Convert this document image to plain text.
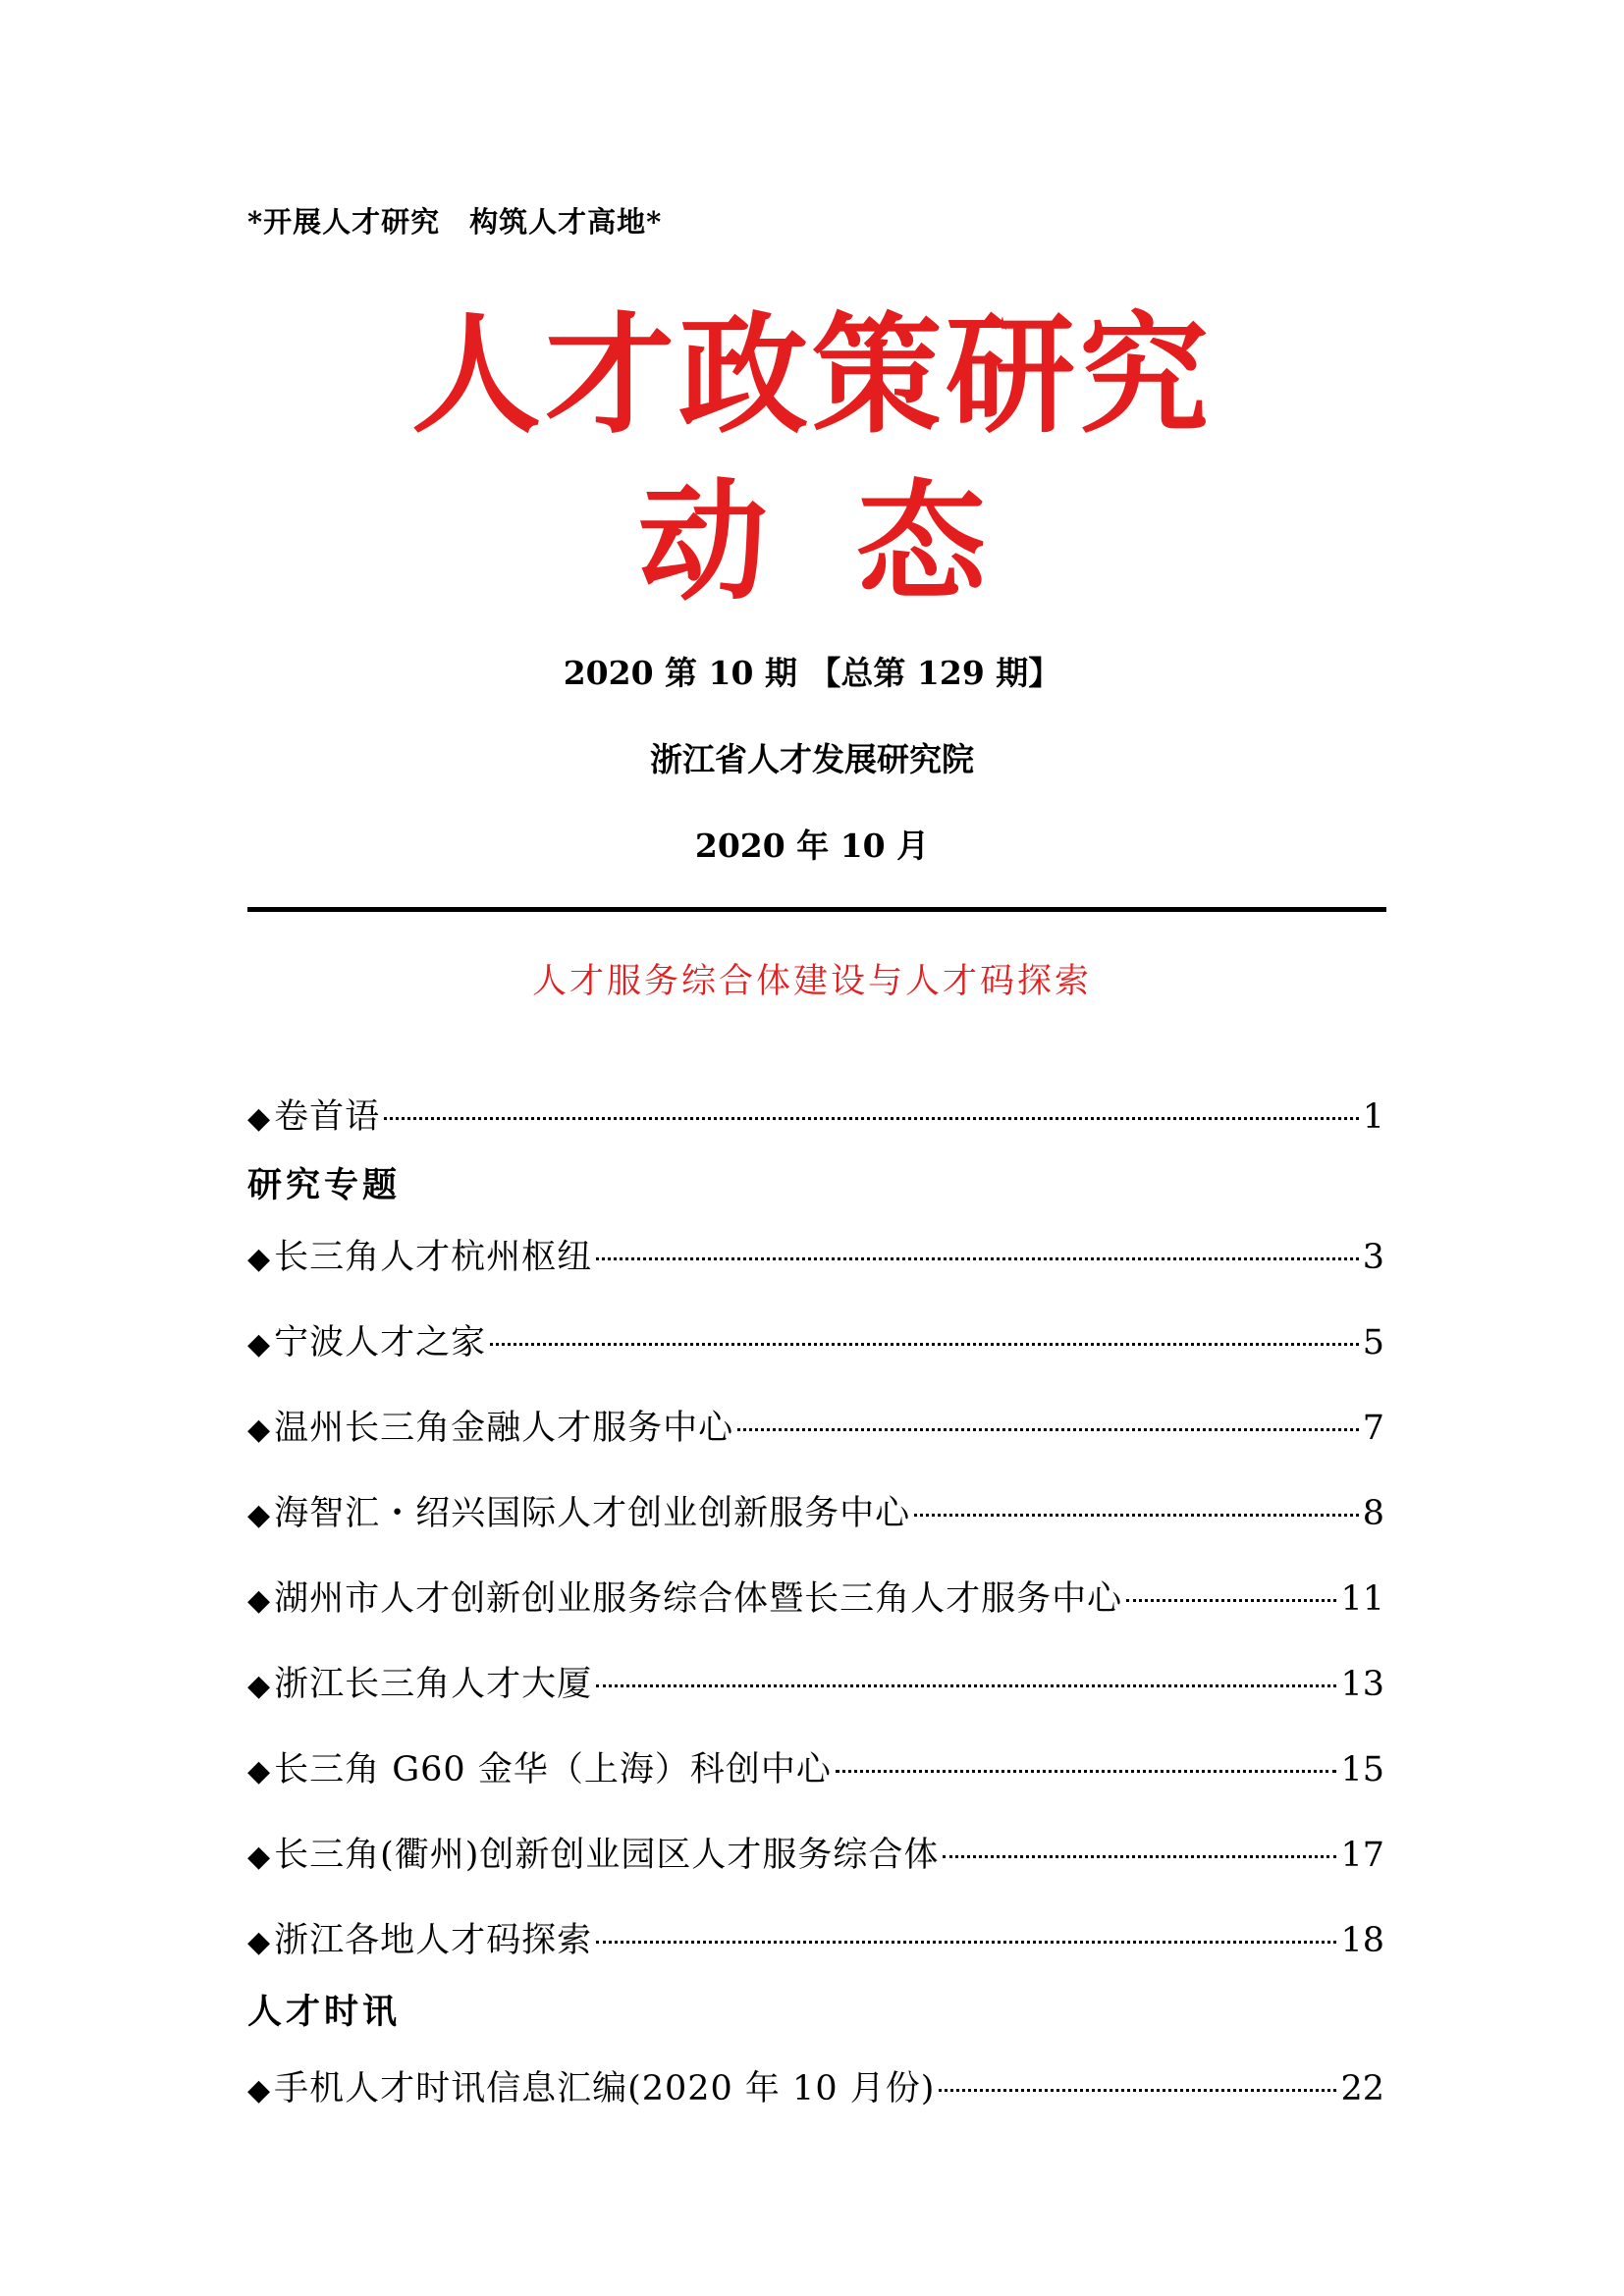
*开展人才研究　构筑人才高地*
人才政策研究
动 态
2020 第 10 期 【总第 129 期】
浙江省人才发展研究院
2020 年 10 月
人才服务综合体建设与人才码探索
◆ 卷首语	1
研究专题
◆ 长三角人才杭州枢纽	3
◆ 宁波人才之家	5
◆ 温州长三角金融人才服务中心	7
◆ 海智汇・绍兴国际人才创业创新服务中心	8
◆ 湖州市人才创新创业服务综合体暨长三角人才服务中心	11
◆ 浙江长三角人才大厦	13
◆ 长三角 G60 金华（上海）科创中心	15
◆ 长三角(衢州)创新创业园区人才服务综合体	17
◆ 浙江各地人才码探索	18
人才时讯
◆ 手机人才时讯信息汇编(2020 年 10 月份)	22
